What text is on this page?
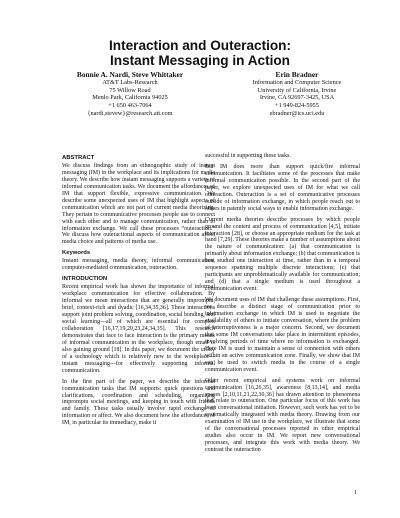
Interaction and Outeraction:
Instant Messaging in Action
Bonnie A. Nardi, Steve Whittaker
AT&T Labs-Research
75 Willow Road
Menlo Park, California 94025
+1 650 463-7064
{nardi,stevew}@research.att.com
Erin Bradner
Information and Computer Science
University of California, Irvine
Irvine, CA 92697-3425, USA
+1 949-824-5955
ebradner@ics.uci.edu
ABSTRACT

We discuss findings from an ethnographic study of instant messaging (IM) in the workplace and its implications for media theory. We describe how instant messaging supports a variety of informal communication tasks. We document the affordances of IM that support flexible, expressive communication. We describe some unexpected uses of IM that highlight aspects of communication which are not part of current media theorizing. They pertain to communicative processes people use to connect with each other and to manage communication, rather than to information exchange. We call these processes “outeraction.” We discuss how outeractional aspects of communication affect media choice and patterns of media use.

Keywords

Instant messaging, media theory, informal communication, computer-mediated communication, outeraction.

INTRODUCTION

Recent empirical work has shown the importance of informal workplace communication for effective collaboration. By informal we mean interactions that are generally impromptu, brief, context-rich and dyadic [16,34,35,36]. These interactions support joint problem solving, coordination, social bonding, and social learning—all of which are essential for complex collaboration [16,17,19,20,23,24,34,35]. This research demonstrates that face to face interaction is the primary means of informal communication in the workplace, though email is also gaining ground [18]. In this paper, we document the utility of a technology which is relatively new to the workplace—instant messaging—for effectively supporting informal communication.

In the first part of the paper, we describe the informal communication tasks that IM supports: quick questions and clarifications, coordination and scheduling, organizing impromptu social meetings, and keeping in touch with friends and family. These tasks usually involve rapid exchange of information or affect. We also document how the affordances of IM, in particular its immediacy, make it

successful in supporting these tasks.

But IM does more than support quick/fire informal communication. It facilitates some of the processes that make informal communication possible. In the second part of the paper, we explore unexpected uses of IM for what we call outeraction. Outeraction is a set of communicative processes outside of information exchange, in which people reach out to others in patently social ways to enable information exchange.

Current media theories describe processes by which people ground the content and process of communication [4,5], initiate interaction [28], or choose an appropriate medium for the task at hand [7,29]. These theories make a number of assumptions about the nature of communication: (a) that communication is primarily about information exchange; (b) that communication is best studied one interaction at time, rather than in a temporal sequence spanning multiple discrete interactions; (c) that participants are unproblematically available for communication; and (d) that a single medium is used throughout a communication event.

We document uses of IM that challenge these assumptions. First, we describe a distinct stage of communication prior to information exchange in which IM is used to negotiate the availability of others to initiate conversation, where the problem of interruptiveness is a major concern. Second, we document that some IM conversations take place in intermittent episodes, involving periods of time where no information is exchanged. Here IM is used to maintain a sense of connection with others within an active communication zone. Finally, we show that IM can be used to switch media in the course of a single communication event.

Other recent empirical and systems work on informal communication [16,26,35], awareness [8,13,14], and media spaces [2,10,11,21,22,30,36] has drawn attention to phenomena that relate to outeraction. One particular focus of this work has been conversational initiation. However, such work has yet to be systematically integrated with media theory. Drawing from our examination of IM use in the workplace, we illustrate that some of the conversational processes reported in other empirical studies also occur in IM. We report new conversational processes, and integrate this work with media theory. We contrast the outeraction

1
